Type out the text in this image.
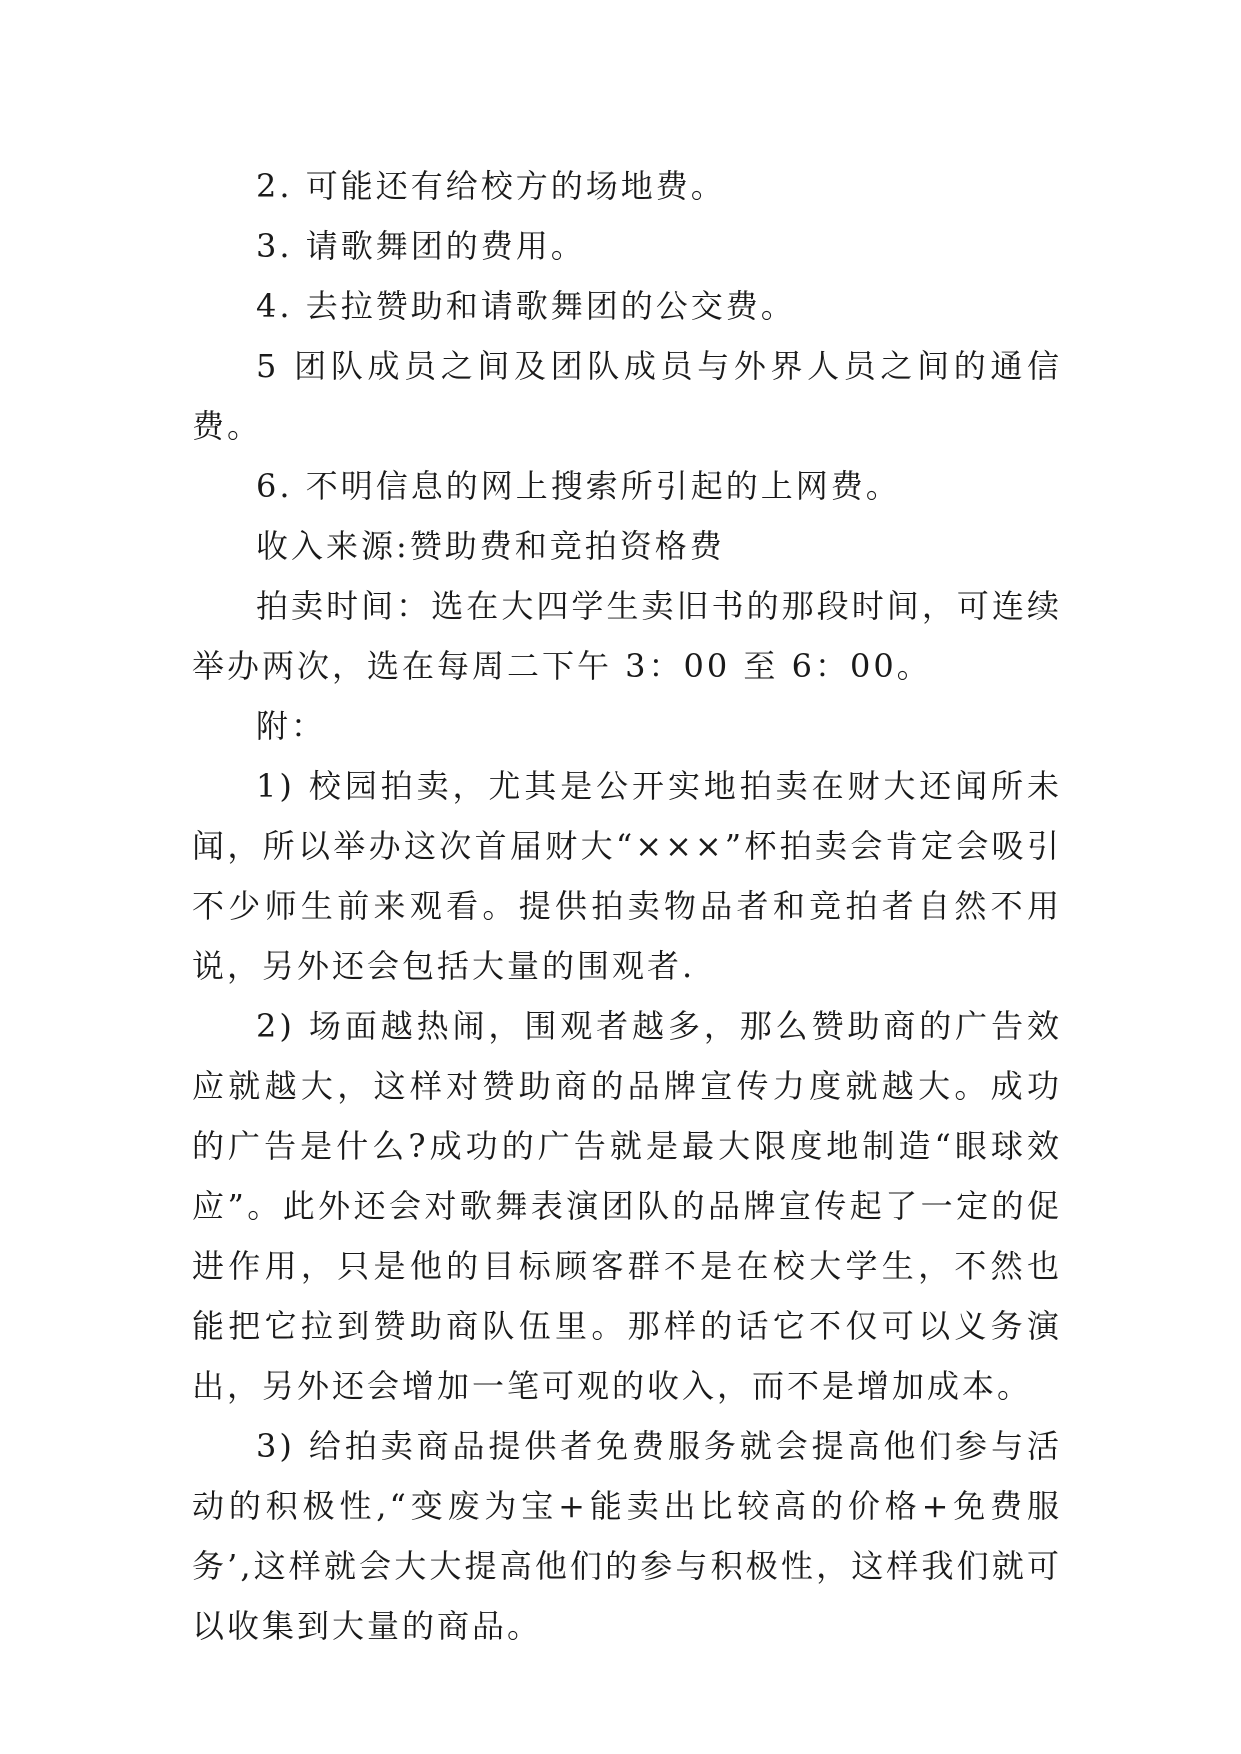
2. 可能还有给校方的场地费。

3. 请歌舞团的费用。

4. 去拉赞助和请歌舞团的公交费。

5 团队成员之间及团队成员与外界人员之间的通信费。

6. 不明信息的网上搜索所引起的上网费。

收入来源:赞助费和竞拍资格费

拍卖时间：选在大四学生卖旧书的那段时间，可连续举办两次，选在每周二下午 3：00 至 6：00。

附：

1) 校园拍卖，尤其是公开实地拍卖在财大还闻所未闻，所以举办这次首届财大“×××”杯拍卖会肯定会吸引不少师生前来观看。提供拍卖物品者和竞拍者自然不用说，另外还会包括大量的围观者.

2) 场面越热闹，围观者越多，那么赞助商的广告效应就越大，这样对赞助商的品牌宣传力度就越大。成功的广告是什么?成功的广告就是最大限度地制造“眼球效应”。此外还会对歌舞表演团队的品牌宣传起了一定的促进作用，只是他的目标顾客群不是在校大学生，不然也能把它拉到赞助商队伍里。那样的话它不仅可以义务演出，另外还会增加一笔可观的收入，而不是增加成本。

3) 给拍卖商品提供者免费服务就会提高他们参与活动的积极性,“变废为宝+能卖出比较高的价格+免费服务’,这样就会大大提高他们的参与积极性，这样我们就可以收集到大量的商品。
